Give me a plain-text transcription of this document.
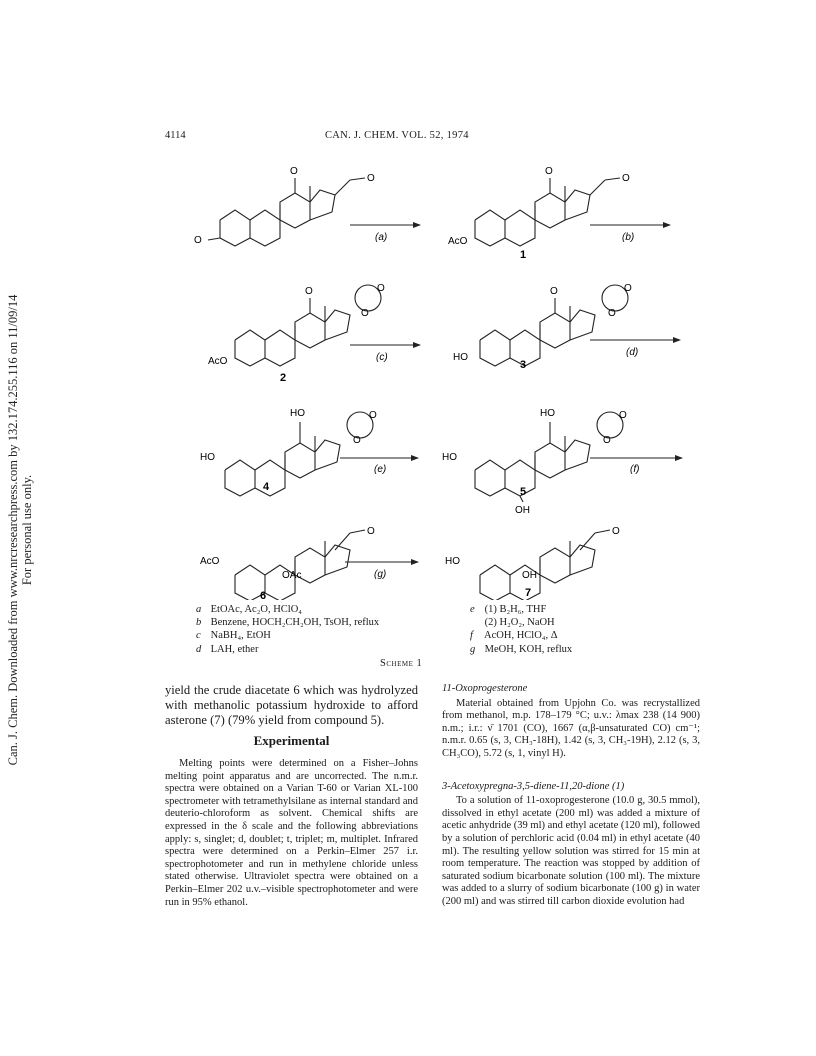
Can. J. Chem. Downloaded from www.nrcresearchpress.com by 132.174.255.116 on 11/09/14 For personal use only.
4114	CAN. J. CHEM. VOL. 52, 1974
O
O
O	(a)
O
O
AcO	(b)
1
O	O
O
AcO	(c)
2
O	O
O
HO	(d)
3
HO	O
O
HO
(e)
4
HO	O
O
HO
OH
(f)
5
O
AcO
OAc	(g)
6
O
HO
OH
7
a EtOAc, Ac₂O, HClO₄
b Benzene, HOCH₂CH₂OH, TsOH, reflux
c NaBH₄, EtOH
d LAH, ether
e (1) B₂H₆, THF
(2) H₂O₂, NaOH
f AcOH, HClO₄, Δ
g MeOH, KOH, reflux
Scheme 1

yield the crude diacetate 6 which was hydrolyzed with methanolic potassium hydroxide to afford asterone (7) (79% yield from compound 5).

Experimental

Melting points were determined on a Fisher–Johns melting point apparatus and are uncorrected. The n.m.r. spectra were obtained on a Varian T-60 or Varian XL-100 spectrometer with tetramethylsilane as internal standard and deuterio-chloroform as solvent. Chemical shifts are expressed in the δ scale and the following abbreviations apply: s, singlet; d, doublet; t, triplet; m, multiplet. Infrared spectra were determined on a Perkin–Elmer 257 i.r. spectrophotometer and run in methylene chloride unless stated otherwise. Ultraviolet spectra were obtained on a Perkin–Elmer 202 u.v.–visible spectrophotometer and were run in 95% ethanol.

11-Oxoprogesterone

Material obtained from Upjohn Co. was recrystallized from methanol, m.p. 178–179 °C; u.v.: λmax 238 (14 900) n.m.; i.r.: ν̄ 1701 (CO), 1667 (α,β-unsaturated CO) cm⁻¹; n.m.r. 0.65 (s, 3, CH₃-18H), 1.42 (s, 3, CH₃-19H), 2.12 (s, 3, CH₃CO), 5.72 (s, 1, vinyl H).

3-Acetoxypregna-3,5-diene-11,20-dione (1)

To a solution of 11-oxoprogesterone (10.0 g, 30.5 mmol), dissolved in ethyl acetate (200 ml) was added a mixture of acetic anhydride (39 ml) and ethyl acetate (120 ml), followed by a solution of perchloric acid (0.04 ml) in ethyl acetate (40 ml). The resulting yellow solution was stirred for 15 min at room temperature. The reaction was stopped by addition of saturated sodium bicarbonate solution (100 ml). The mixture was added to a slurry of sodium bicarbonate (100 g) in water (200 ml) and was stirred till carbon dioxide evolution had
